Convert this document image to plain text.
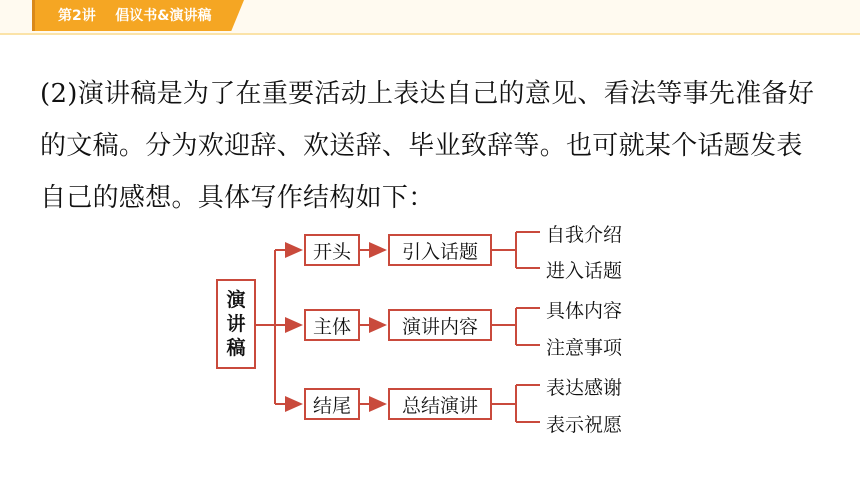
第2讲    倡议书&演讲稿
(2)演讲稿是为了在重要活动上表达自己的意见、看法等事先准备好
的文稿。分为欢迎辞、欢送辞、毕业致辞等。也可就某个话题发表
自己的感想。具体写作结构如下：
演
讲
稿
开头
主体
结尾
引入话题
演讲内容
总结演讲
自我介绍
进入话题
具体内容
注意事项
表达感谢
表示祝愿
